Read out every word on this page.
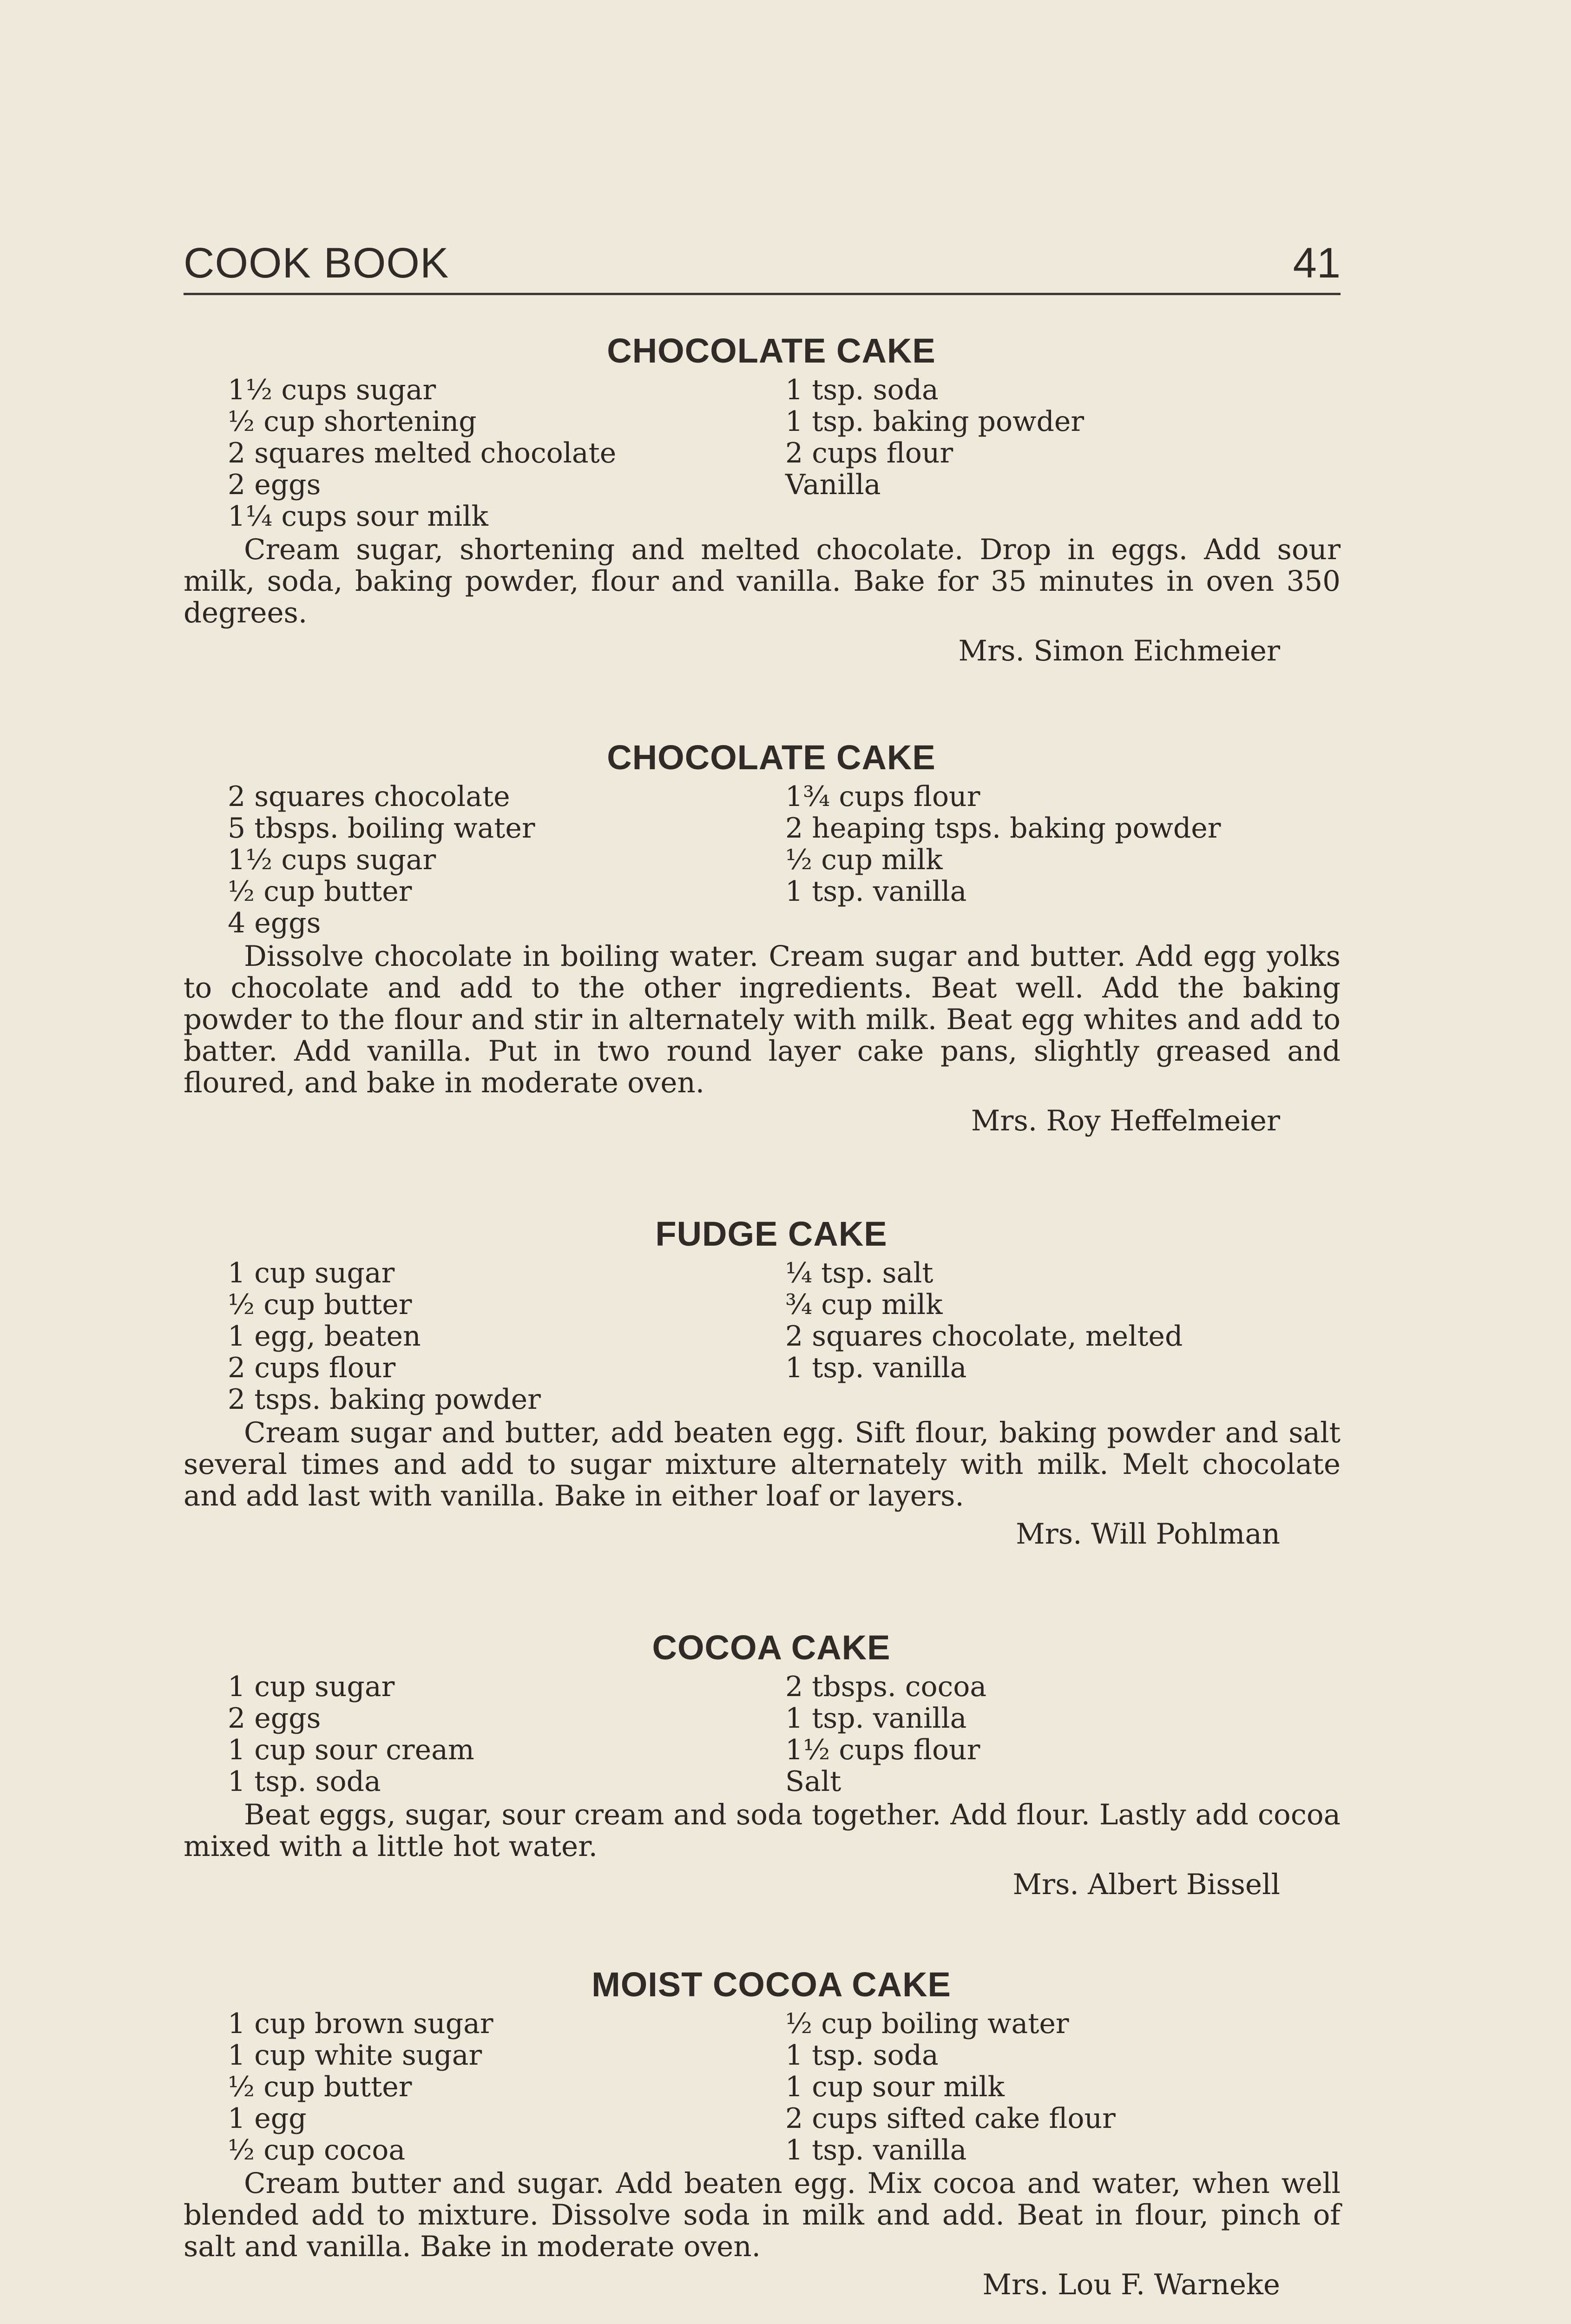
COOK BOOK	41
CHOCOLATE CAKE
1½ cups sugar
½ cup shortening
2 squares melted chocolate
2 eggs
1¼ cups sour milk
1 tsp. soda
1 tsp. baking powder
2 cups flour
Vanilla

Cream sugar, shortening and melted chocolate. Drop in eggs. Add sour milk, soda, baking powder, flour and vanilla. Bake for 35 minutes in oven 350 degrees.

Mrs. Simon Eichmeier
CHOCOLATE CAKE
2 squares chocolate
5 tbsps. boiling water
1½ cups sugar
½ cup butter
4 eggs
1¾ cups flour
2 heaping tsps. baking powder
½ cup milk
1 tsp. vanilla

Dissolve chocolate in boiling water. Cream sugar and butter. Add egg yolks to chocolate and add to the other ingredients. Beat well. Add the baking powder to the flour and stir in alternately with milk. Beat egg whites and add to batter. Add vanilla. Put in two round layer cake pans, slightly greased and floured, and bake in moderate oven.

Mrs. Roy Heffelmeier
FUDGE CAKE
1 cup sugar
½ cup butter
1 egg, beaten
2 cups flour
2 tsps. baking powder
¼ tsp. salt
¾ cup milk
2 squares chocolate, melted
1 tsp. vanilla

Cream sugar and butter, add beaten egg. Sift flour, baking powder and salt several times and add to sugar mixture alternately with milk. Melt chocolate and add last with vanilla. Bake in either loaf or layers.

Mrs. Will Pohlman
COCOA CAKE
1 cup sugar
2 eggs
1 cup sour cream
1 tsp. soda
2 tbsps. cocoa
1 tsp. vanilla
1½ cups flour
Salt

Beat eggs, sugar, sour cream and soda together. Add flour. Lastly add cocoa mixed with a little hot water.

Mrs. Albert Bissell
MOIST COCOA CAKE
1 cup brown sugar
1 cup white sugar
½ cup butter
1 egg
½ cup cocoa
½ cup boiling water
1 tsp. soda
1 cup sour milk
2 cups sifted cake flour
1 tsp. vanilla

Cream butter and sugar. Add beaten egg. Mix cocoa and water, when well blended add to mixture. Dissolve soda in milk and add. Beat in flour, pinch of salt and vanilla. Bake in moderate oven.

Mrs. Lou F. Warneke
